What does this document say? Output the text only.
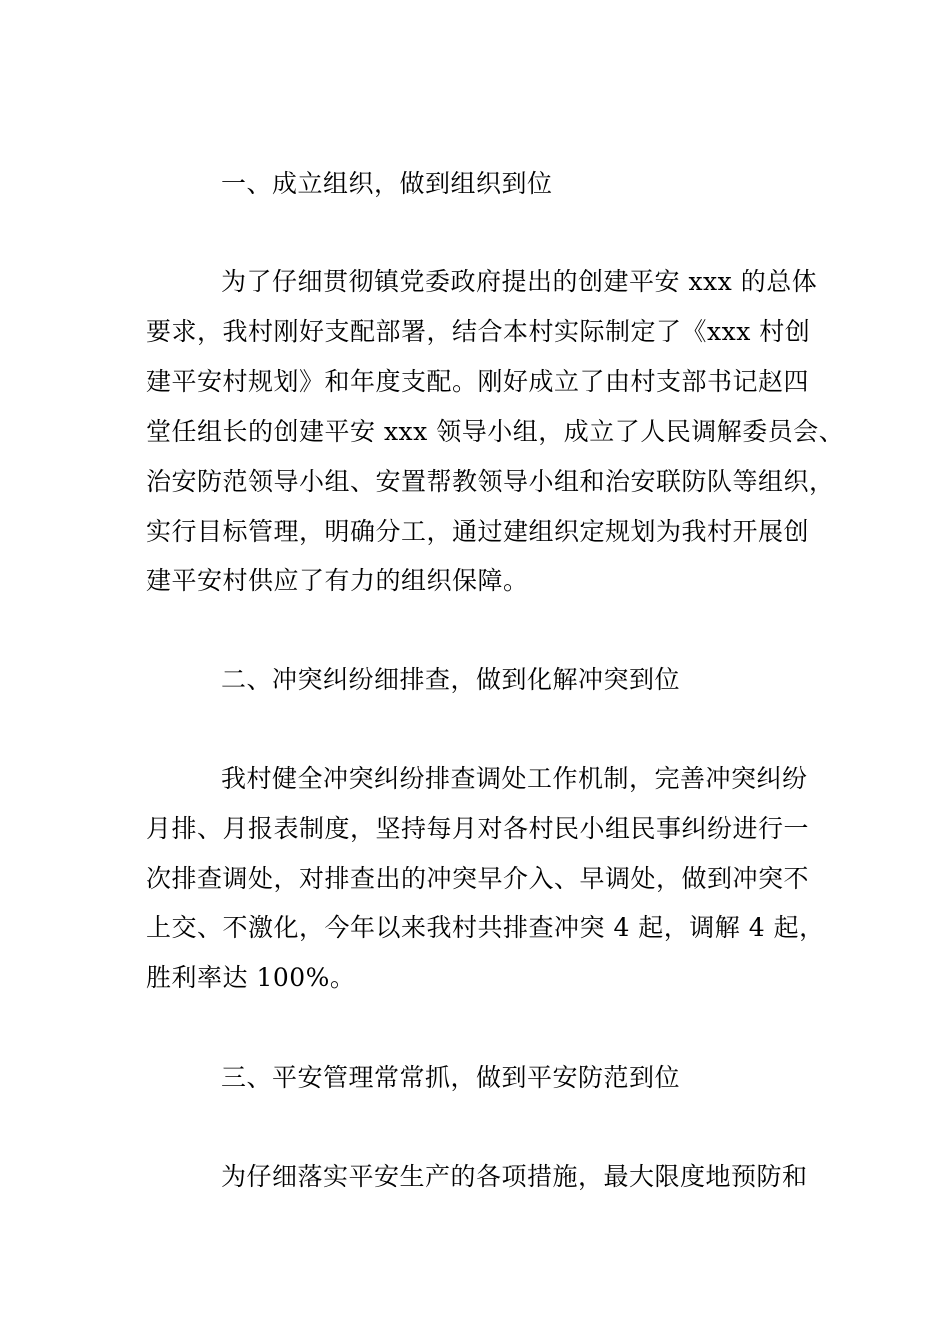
一、成立组织，做到组织到位

为了仔细贯彻镇党委政府提出的创建平安 xxx 的总体

要求，我村刚好支配部署，结合本村实际制定了《xxx 村创

建平安村规划》和年度支配。刚好成立了由村支部书记赵四

堂任组长的创建平安 xxx 领导小组，成立了人民调解委员会、

治安防范领导小组、安置帮教领导小组和治安联防队等组织，

实行目标管理，明确分工，通过建组织定规划为我村开展创

建平安村供应了有力的组织保障。

二、冲突纠纷细排查，做到化解冲突到位

我村健全冲突纠纷排查调处工作机制，完善冲突纠纷

月排、月报表制度，坚持每月对各村民小组民事纠纷进行一

次排查调处，对排查出的冲突早介入、早调处，做到冲突不

上交、不激化，今年以来我村共排查冲突 4 起，调解 4 起，

胜利率达 100%。

三、平安管理常常抓，做到平安防范到位

为仔细落实平安生产的各项措施，最大限度地预防和
